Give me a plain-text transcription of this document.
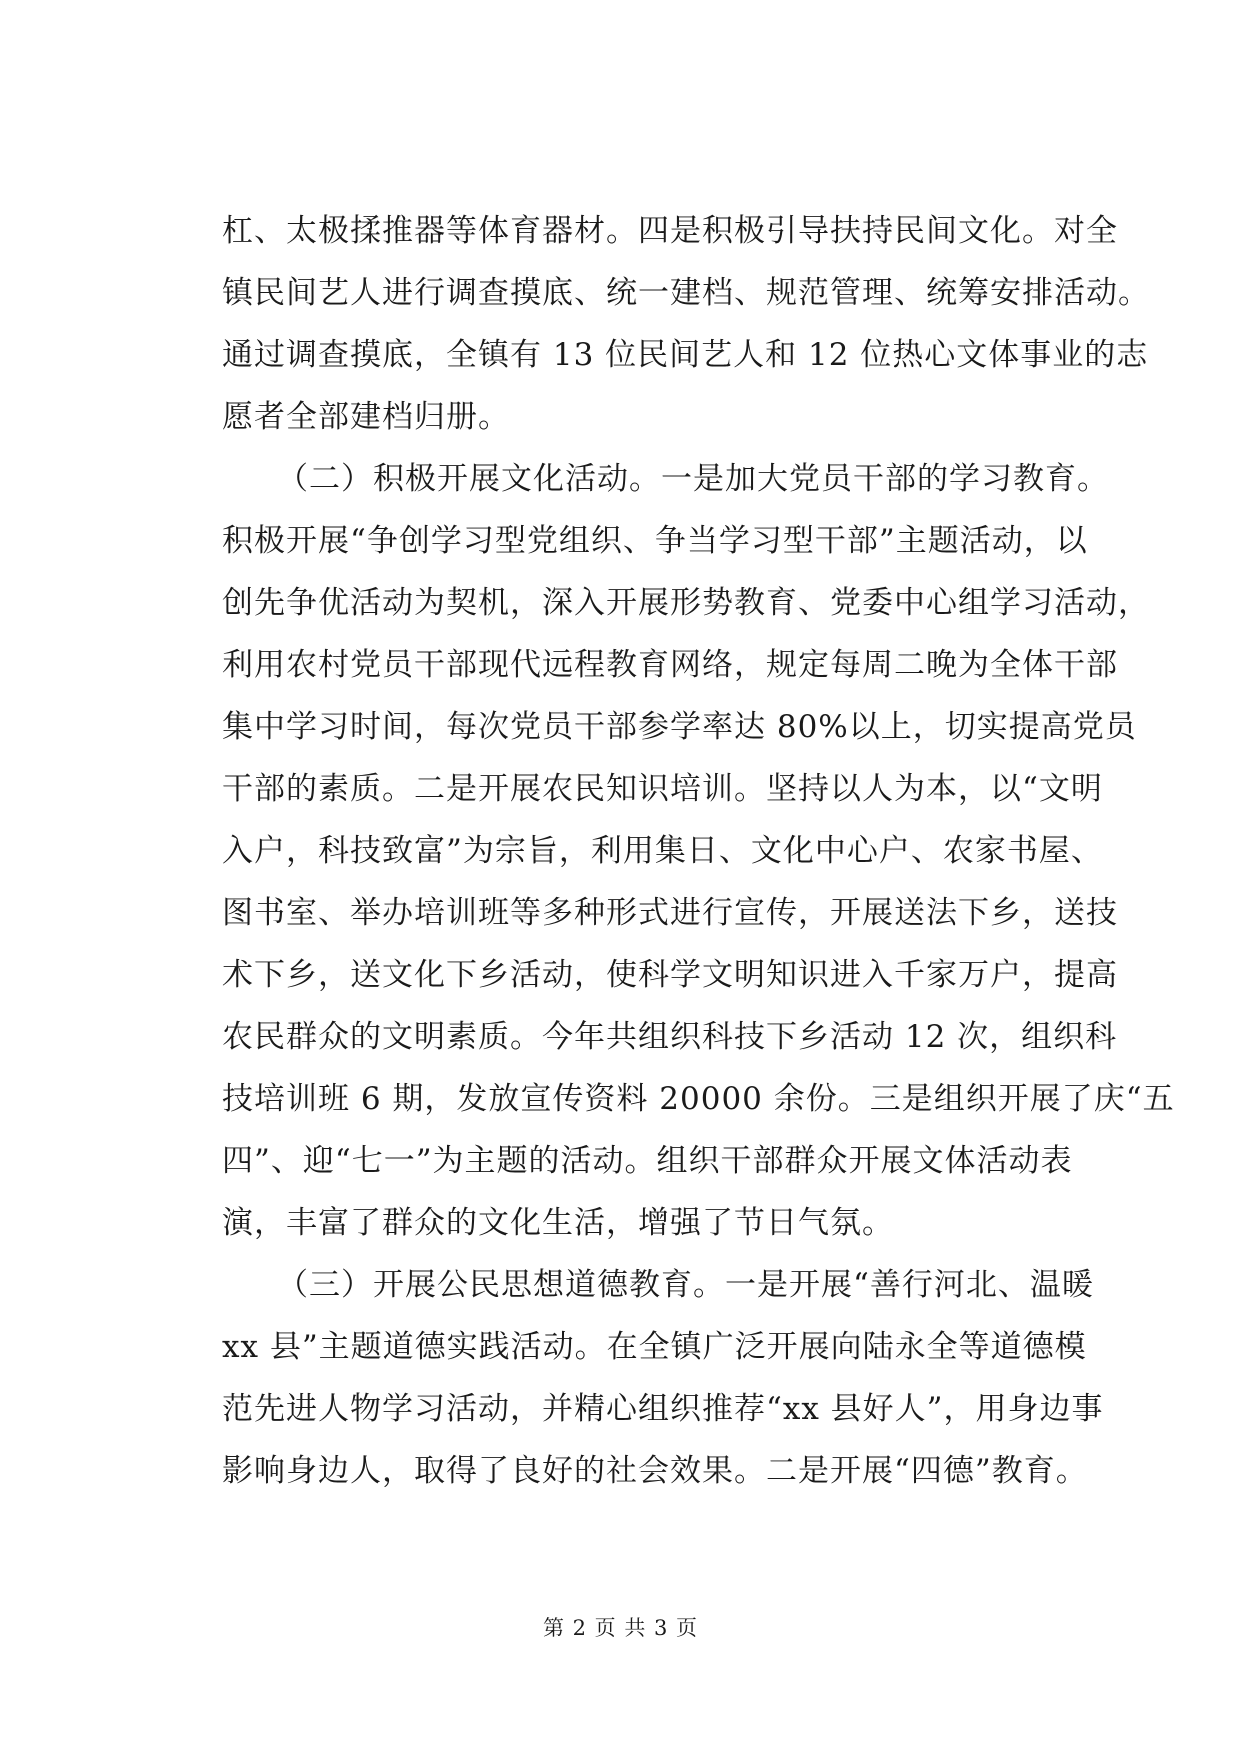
杠、太极揉推器等体育器材。四是积极引导扶持民间文化。对全
镇民间艺人进行调查摸底、统一建档、规范管理、统筹安排活动。
通过调查摸底，全镇有 13 位民间艺人和 12 位热心文体事业的志
愿者全部建档归册。
（二）积极开展文化活动。一是加大党员干部的学习教育。
积极开展“争创学习型党组织、争当学习型干部”主题活动，以
创先争优活动为契机，深入开展形势教育、党委中心组学习活动，
利用农村党员干部现代远程教育网络，规定每周二晚为全体干部
集中学习时间，每次党员干部参学率达 80%以上，切实提高党员
干部的素质。二是开展农民知识培训。坚持以人为本，以“文明
入户，科技致富”为宗旨，利用集日、文化中心户、农家书屋、
图书室、举办培训班等多种形式进行宣传，开展送法下乡，送技
术下乡，送文化下乡活动，使科学文明知识进入千家万户，提高
农民群众的文明素质。今年共组织科技下乡活动 12 次，组织科
技培训班 6 期，发放宣传资料 20000 余份。三是组织开展了庆“五
四”、迎“七一”为主题的活动。组织干部群众开展文体活动表
演，丰富了群众的文化生活，增强了节日气氛。
（三）开展公民思想道德教育。一是开展“善行河北、温暖
xx 县”主题道德实践活动。在全镇广泛开展向陆永全等道德模
范先进人物学习活动，并精心组织推荐“xx 县好人”，用身边事
影响身边人，取得了良好的社会效果。二是开展“四德”教育。
第 2 页 共 3 页
